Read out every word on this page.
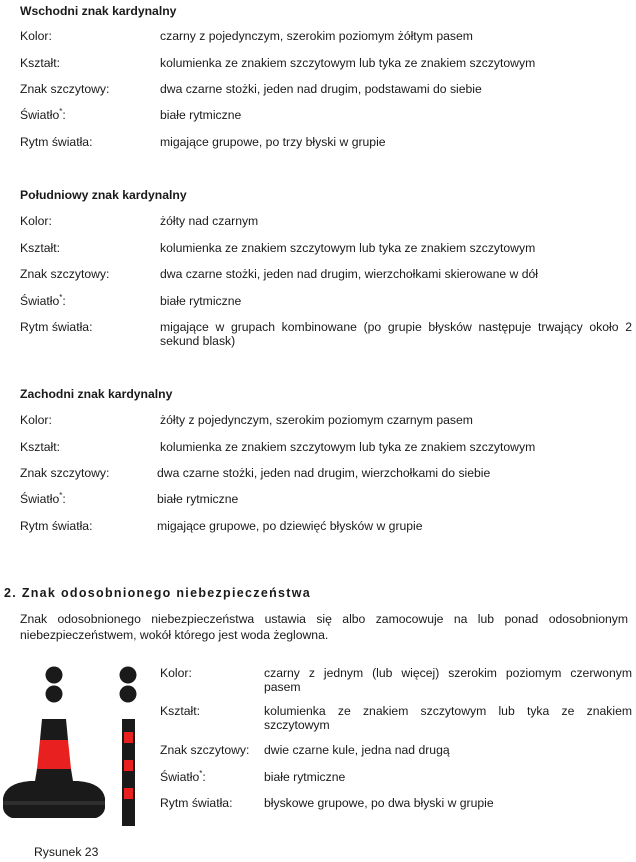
Wschodni znak kardynalny
Kolor:	czarny z pojedynczym, szerokim poziomym żółtym pasem
Kształt:	kolumienka ze znakiem szczytowym lub tyka ze znakiem szczytowym
Znak szczytowy:	dwa czarne stożki, jeden nad drugim, podstawami do siebie
Światło*:	białe rytmiczne
Rytm światła:	migające grupowe, po trzy błyski w grupie
Południowy znak kardynalny
Kolor:	żółty nad czarnym
Kształt:	kolumienka ze znakiem szczytowym lub tyka ze znakiem szczytowym
Znak szczytowy:	dwa czarne stożki, jeden nad drugim, wierzchołkami skierowane w dół
Światło*:	białe rytmiczne
Rytm światła:	migające w grupach kombinowane (po grupie błysków następuje trwający około 2 sekund blask)
Zachodni znak kardynalny
Kolor:	żółty z pojedynczym, szerokim poziomym czarnym pasem
Kształt:	kolumienka ze znakiem szczytowym lub tyka ze znakiem szczytowym
Znak szczytowy:	dwa czarne stożki, jeden nad drugim, wierzchołkami do siebie
Światło*:	białe rytmiczne
Rytm światła:	migające grupowe, po dziewięć błysków w grupie
2. Znak odosobnionego niebezpieczeństwa
Znak odosobnionego niebezpieczeństwa ustawia się albo zamocowuje na lub ponad odosobnionym niebezpieczeństwem, wokół którego jest woda żeglowna.
Kolor:	czarny z jednym (lub więcej) szerokim poziomym czerwonym pasem
Kształt:	kolumienka ze znakiem szczytowym lub tyka ze znakiem szczytowym
Znak szczytowy: dwie czarne kule, jedna nad drugą
Światło*:	białe rytmiczne
Rytm światła:	błyskowe grupowe, po dwa błyski w grupie
Rysunek 23
